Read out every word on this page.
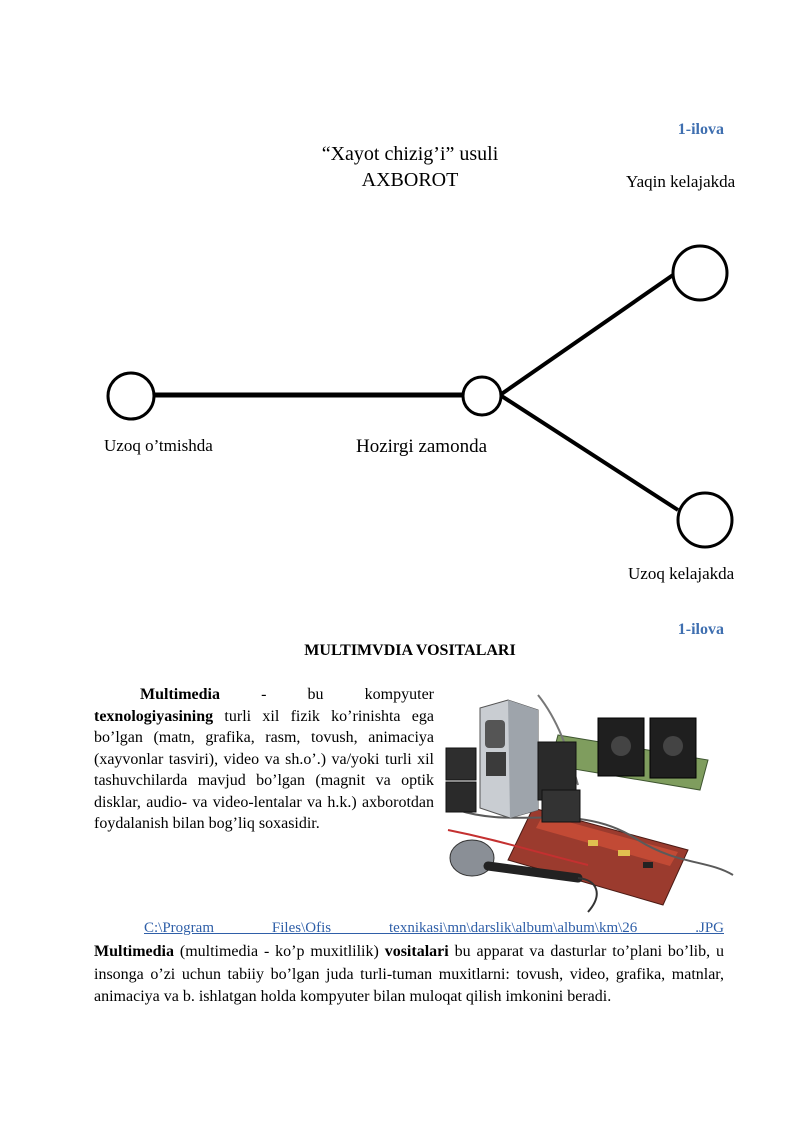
1-ilova
“Xayot chizig’i” usuli
AXBOROT	Yaqin kelajakda
Uzoq o’tmishda	Hozirgi zamonda
Uzoq kelajakda
1-ilova
MULTIMVDIA VOSITALARI
Multimedia - bu kompyuter texnologiyasining turli xil fizik ko’rinishta ega bo’lgan (matn, grafika, rasm, tovush, animaciya (xayvonlar tasviri), video va sh.o’.) va/yoki turli xil tashuvchilarda mavjud bo’lgan (magnit va optik disklar, audio- va video-lentalar va h.k.) axborotdan foydalanish bilan bog’liq soxasidir.
C:\Program Files\Ofis texnikasi\mn\darslik\album\album\km\26 .JPG
Multimedia (multimedia - ko’p muxitlilik) vositalari bu apparat va dasturlar to’plani bo’lib, u insonga o’zi uchun tabiiy bo’lgan juda turli-tuman muxitlarni: tovush, video, grafika, matnlar, animaciya va b. ishlatgan holda kompyuter bilan muloqat qilish imkonini beradi.
